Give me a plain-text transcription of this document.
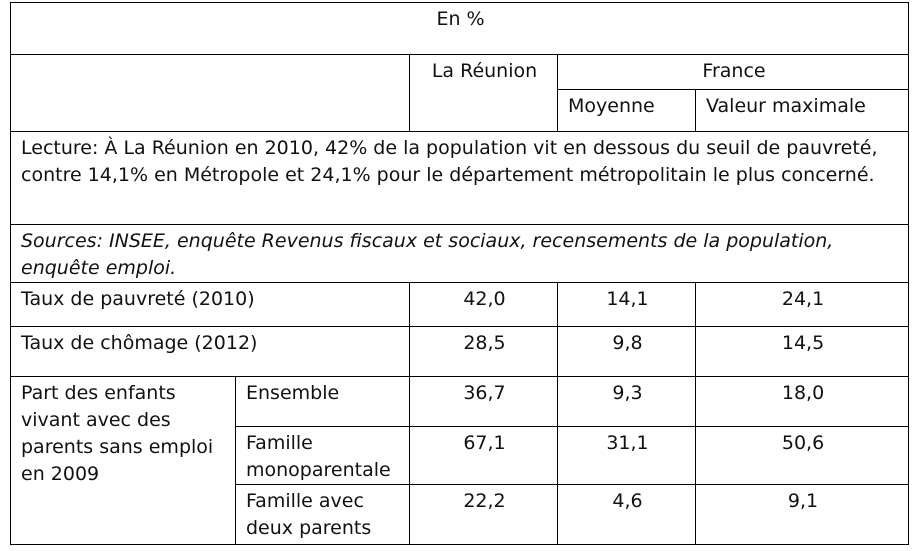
En %				
		La Réunion	France	
			Moyenne	Valeur maximale
Lecture: À La Réunion en 2010, 42% de la population vit en dessous du seuil de pauvreté, contre 14,1% en Métropole et 24,1% pour le département métropolitain le plus concerné.				
Sources: INSEE, enquête Revenus fiscaux et sociaux, recensements de la population, enquête emploi.				
Taux de pauvreté (2010)		42,0	14,1	24,1
Taux de chômage (2012)		28,5	9,8	14,5
Part des enfants vivant avec des parents sans emploi en 2009	Ensemble	36,7	9,3	18,0
	Famille monoparentale	67,1	31,1	50,6
	Famille avec deux parents	22,2	4,6	9,1
